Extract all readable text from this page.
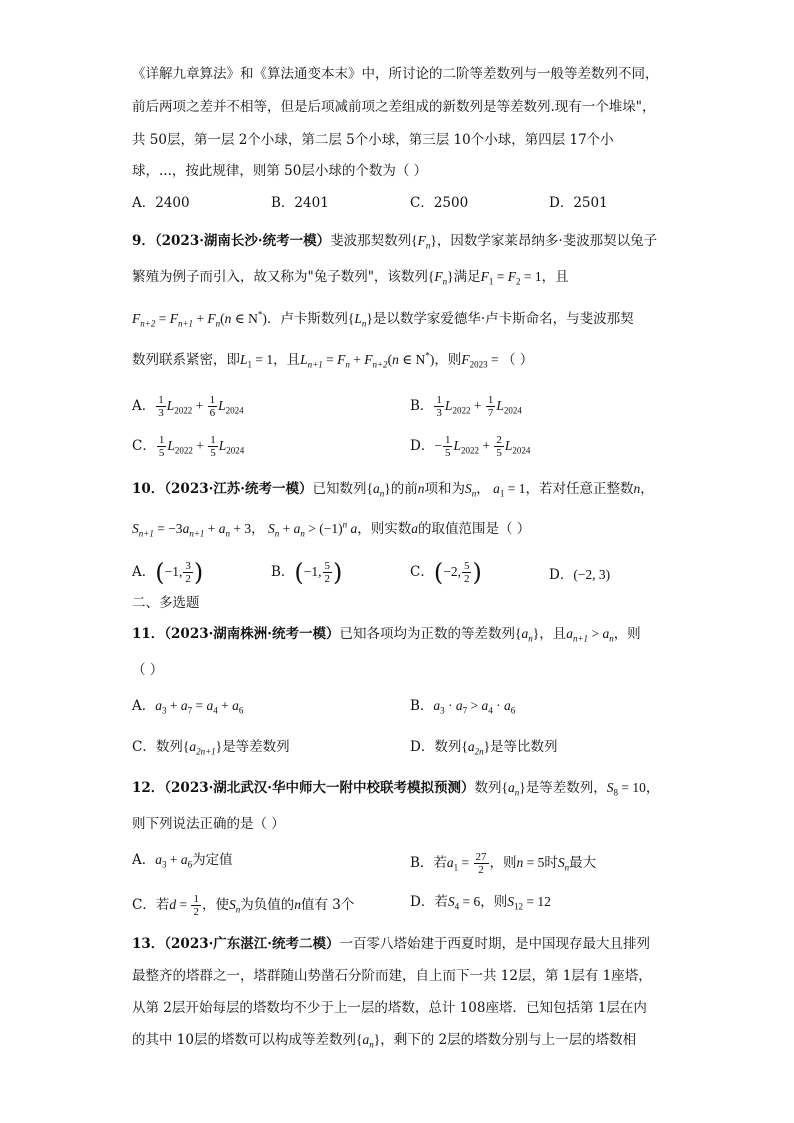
《详解九章算法》和《算法通变本末》中，所讨论的二阶等差数列与一般等差数列不同，
前后两项之差并不相等，但是后项减前项之差组成的新数列是等差数列.现有一个堆垛"，
共 50层，第一层 2个小球，第二层 5个小球，第三层 10个小球，第四层 17个小
球，...，按此规律，则第 50层小球的个数为（ ）
A．2400	B．2401	C．2500	D．2501
9．（2023·湖南长沙·统考一模）斐波那契数列$\{F_n\}$，因数学家莱昂纳多·斐波那契以兔子
繁殖为例子而引入，故又称为"兔子数列"，该数列$\{F_n\}$满足$F_1 = F_2 = 1$，且
$F_{n+2} = F_{n+1} + F_n(n$ ∈ N*)．卢卡斯数列$\{L_n\}$是以数学家爱德华·卢卡斯命名，与斐波那契
数列联系紧密，即$L_1 = 1$，且$L_{n+1} = F_n + F_{n+2}(n$ ∈ N*)，则$F_{2023}$ = （ ）
A． $\frac{1}{3} L_{2022} + \frac{1}{6} L_{2024}$	B． $\frac{1}{3} L_{2022} + \frac{1}{7} L_{2024}$
C． $\frac{1}{5} L_{2022} + \frac{1}{5} L_{2024}$	D．− $\frac{1}{5} L_{2022} + \frac{2}{5} L_{2024}$
10．（2023·江苏·统考一模）已知数列$\{a_n\}$的前n项和为$S_n$， $a_1 = 1$，若对任意正整数n，
$S_{n+1} = -3a_{n+1} + a_n + 3$， $S_n + a_n > (-1)^n$ a，则实数a的取值范围是（ ）
A．(−1, $\frac{3}{2}$ )	B．(−1, $\frac{5}{2}$ )	C．(−2, $\frac{5}{2}$ )	D．(−2, 3)
二、多选题
11．（2023·湖南株洲·统考一模）已知各项均为正数的等差数列$\{a_n\}$，且$a_{n+1} > a_n$，则
（ ）
A．$a_3 + a_7 = a_4 + a_6$	B．$a_3 \cdot a_7 > a_4 \cdot a_6$
C．数列$\{a_{2n+1}\}$是等差数列	D．数列$\{a_{2n}\}$是等比数列
12．（2023·湖北武汉·华中师大一附中校联考模拟预测）数列$\{a_n\}$是等差数列，$S_8 = 10$，
则下列说法正确的是（ ）
A．$a_3 + a_6$为定值	B．若$a_1 = \frac{27}{2}$ ，则n = 5时$S_n$最大
C．若$d = \frac{1}{2}$ ，使$S_n$为负值的n值有 3个	D．若$S_4 = 6$，则$S_{12} = 12$
13．（2023·广东湛江·统考二模）一百零八塔始建于西夏时期，是中国现存最大且排列
最整齐的塔群之一，塔群随山势凿石分阶而建，自上而下一共 12层，第 1层有 1座塔，
从第 2层开始每层的塔数均不少于上一层的塔数，总计 108座塔．已知包括第 1层在内
的其中 10层的塔数可以构成等差数列$\{a_n\}$，剩下的 2层的塔数分别与上一层的塔数相
